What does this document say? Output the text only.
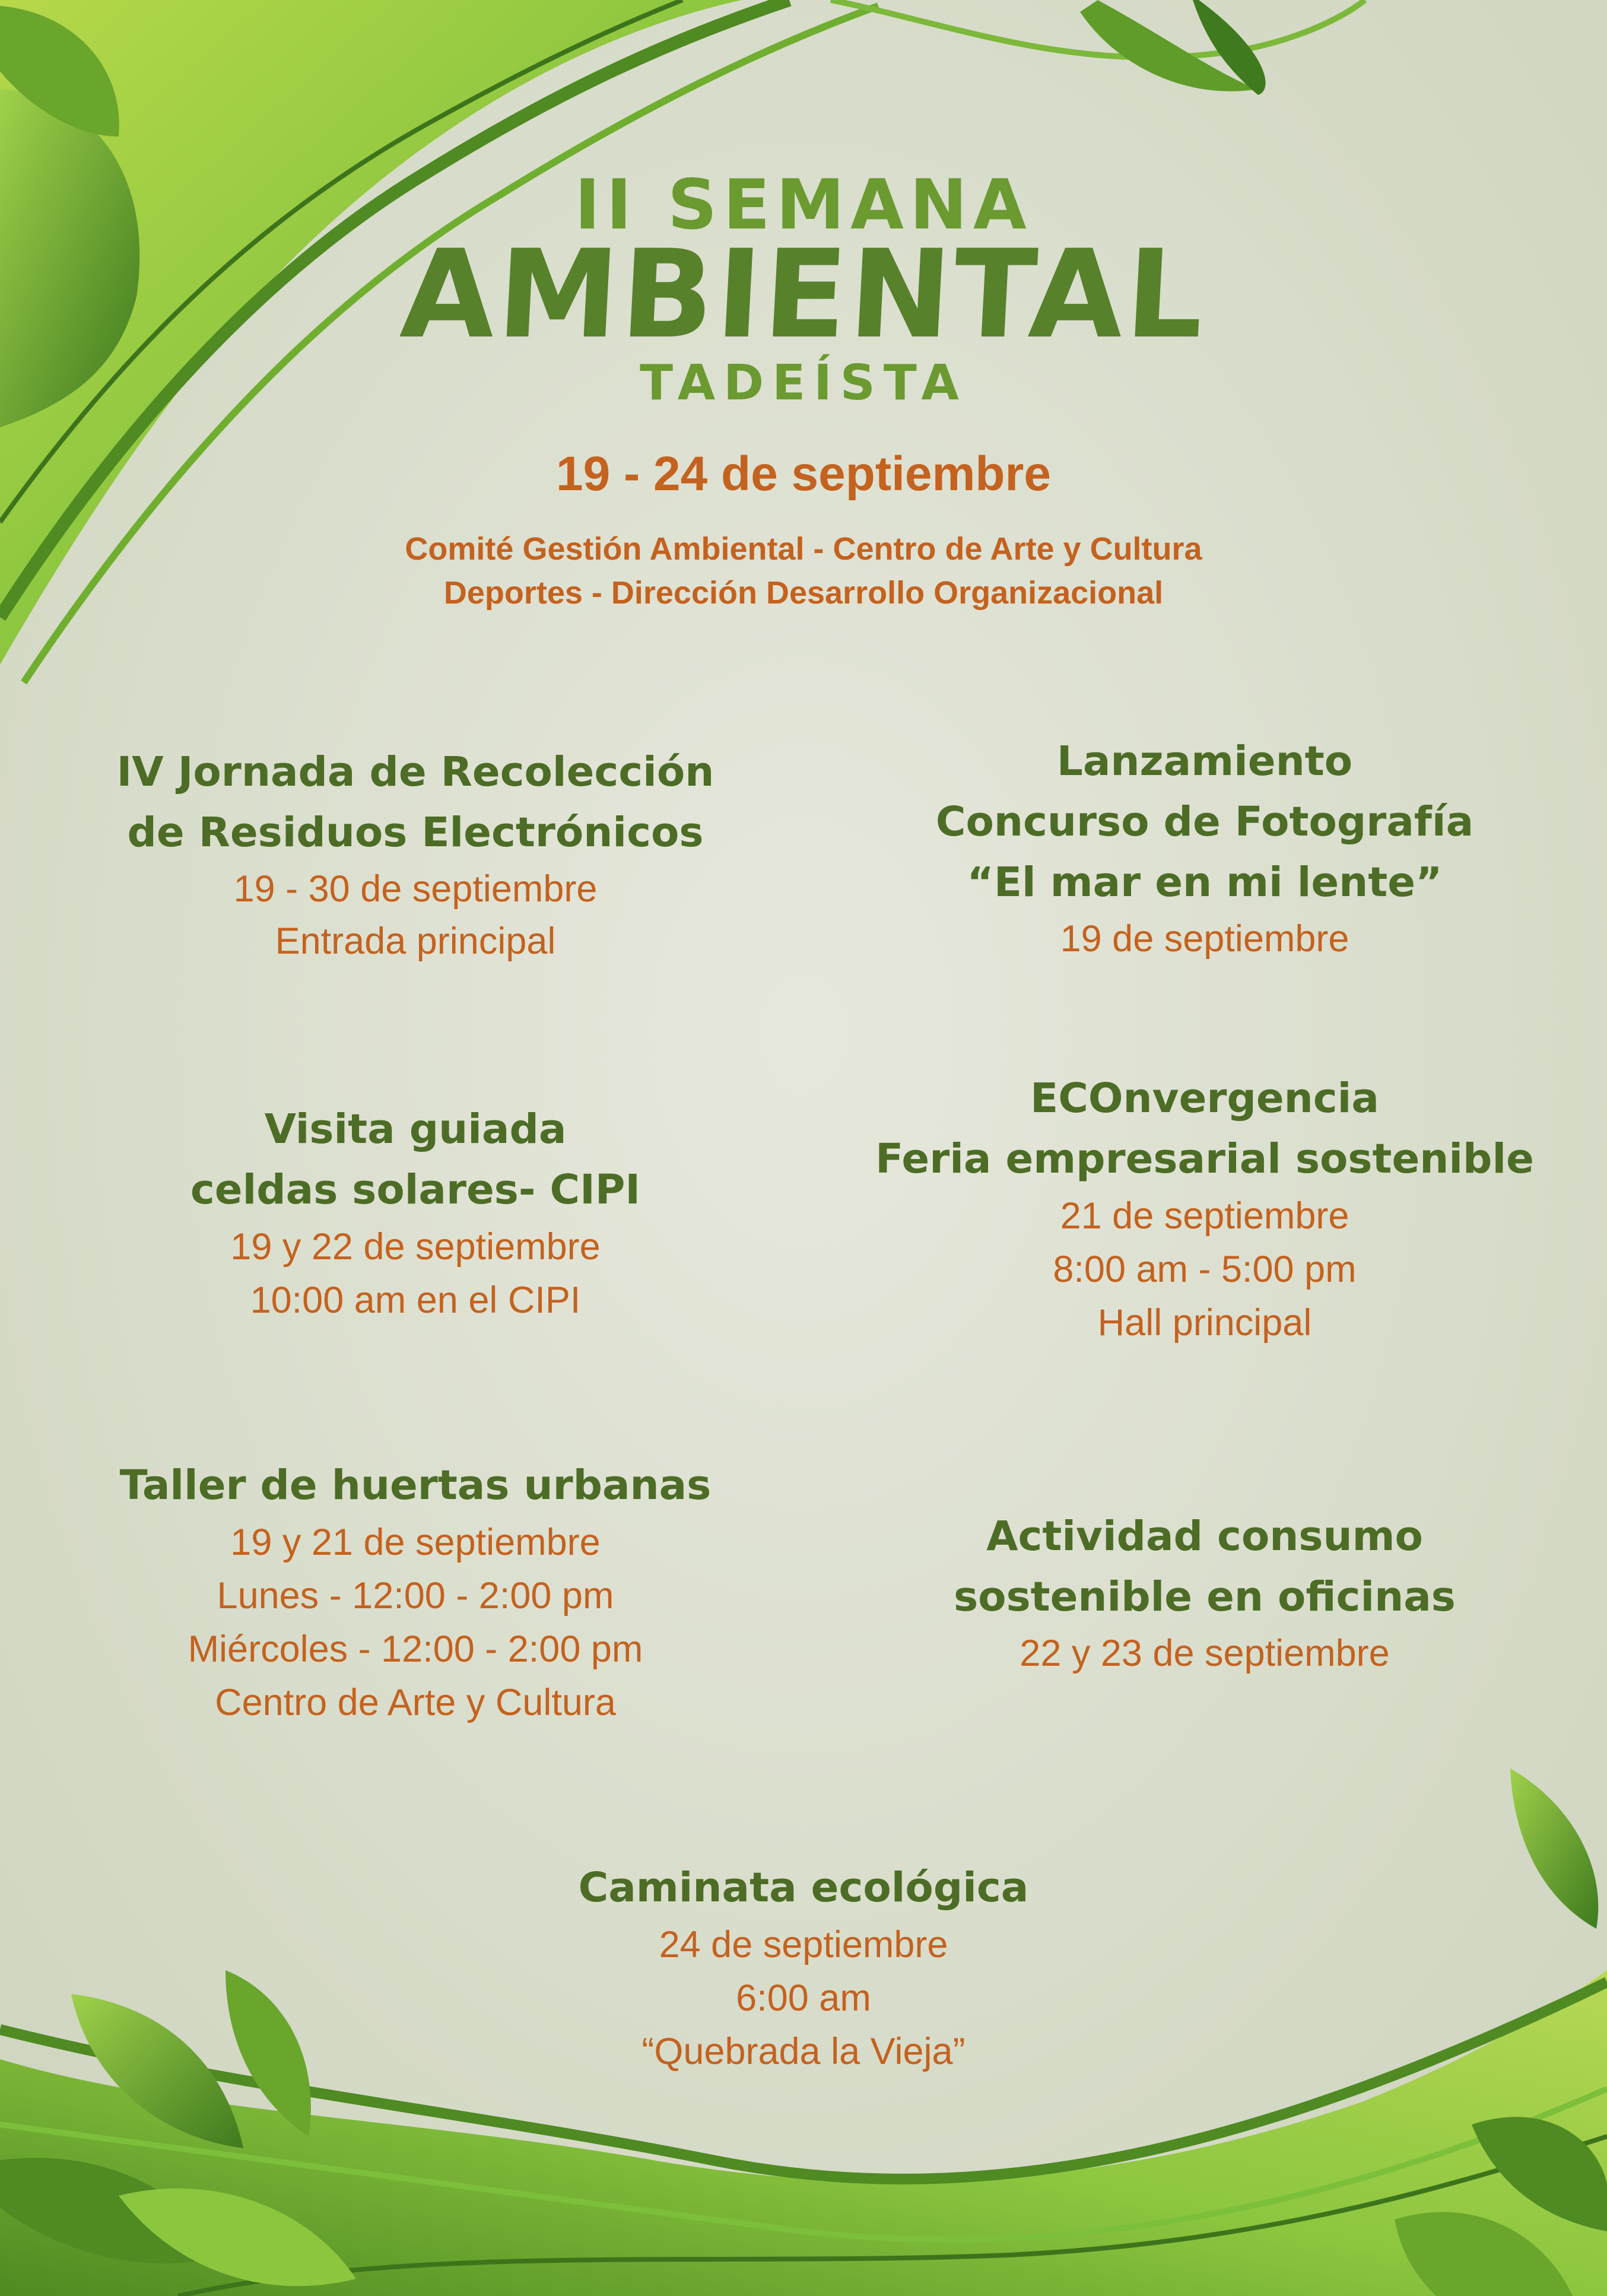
II SEMANA
AMBIENTAL
TADEÍSTA
19 - 24 de septiembre
Comité Gestión Ambiental - Centro de Arte y Cultura
Deportes - Dirección Desarrollo Organizacional
IV Jornada de Recolección
de Residuos Electrónicos
19 - 30 de septiembre
Entrada principal
Lanzamiento
Concurso de Fotografía
“El mar en mi lente”
19 de septiembre
Visita guiada
celdas solares- CIPI
19 y 22 de septiembre
10:00 am en el CIPI
ECOnvergencia
Feria empresarial sostenible
21 de septiembre
8:00 am - 5:00 pm
Hall principal
Taller de huertas urbanas
19 y 21 de septiembre
Lunes - 12:00 - 2:00 pm
Miércoles - 12:00 - 2:00 pm
Centro de Arte y Cultura
Actividad consumo
sostenible en oficinas
22 y 23 de septiembre
Caminata ecológica
24 de septiembre
6:00 am
“Quebrada la Vieja”
